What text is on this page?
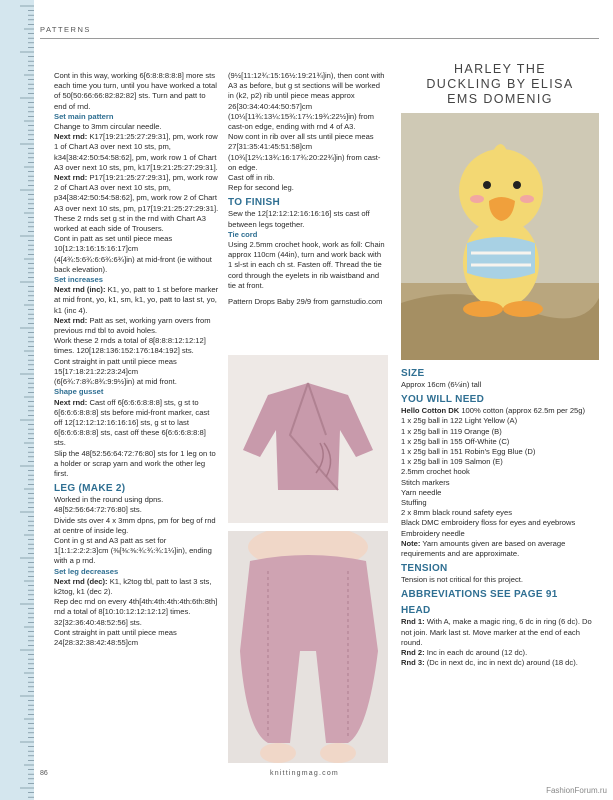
PATTERNS

Cont in this way, working 6[6:8:8:8:8:8] more sts each time you turn, until you have worked a total of 50[50:66:66:82:82:82] sts. Turn and patt to end of rnd.

Set main pattern

Change to 3mm circular needle.

Next rnd: K17[19:21:25:27:29:31], pm, work row 1 of Chart A3 over next 10 sts, pm, k34[38:42:50:54:58:62], pm, work row 1 of Chart A3 over next 10 sts, pm, k17[19:21:25:27:29:31].

Next rnd: P17[19:21:25:27:29:31], pm, work row 2 of Chart A3 over next 10 sts, pm, p34[38:42:50:54:58:62], pm, work row 2 of Chart A3 over next 10 sts, pm, p17[19:21:25:27:29:31].

These 2 rnds set g st in the rnd with Chart A3 worked at each side of Trousers.

Cont in patt as set until piece meas 10[12:13:16:15:16:17]cm (4[4¾:5:6¾:6:6¾:6¾]in) at mid-front (ie without back elevation).

Set increases

Next rnd (inc): K1, yo, patt to 1 st before marker at mid front, yo, k1, sm, k1, yo, patt to last st, yo, k1 (inc 4).

Next rnd: Patt as set, working yarn overs from previous rnd tbl to avoid holes.

Work these 2 rnds a total of 8[8:8:8:12:12:12] times. 120[128:136:152:176:184:192] sts.

Cont straight in patt until piece meas 15[17:18:21:22:23:24]cm (6[6¾:7:8¾:8¾:9:9½]in) at mid front.

Shape gusset

Next rnd: Cast off 6[6:6:6:8:8:8] sts, g st to 6[6:6:6:8:8:8] sts before mid-front marker, cast off 12[12:12:12:16:16:16] sts, g st to last 6[6:6:6:8:8:8] sts, cast off these 6[6:6:6:8:8:8] sts.

Slip the 48[52:56:64:72:76:80] sts for 1 leg on to a holder or scrap yarn and work the other leg first.

LEG (MAKE 2)

Worked in the round using dpns. 48[52:56:64:72:76:80] sts.

Divide sts over 4 x 3mm dpns, pm for beg of rnd at centre of inside leg.

Cont in g st and A3 patt as set for 1[1:1:2:2:2:3]cm (⅜[⅜:⅜:¾:¾:¾:1¼]in), ending with a p rnd.

Set leg decreases

Next rnd (dec): K1, k2tog tbl, patt to last 3 sts, k2tog, k1 (dec 2).

Rep dec rnd on every 4th[4th:4th:4th:4th:6th:8th] rnd a total of 8[10:10:12:12:12:12] times. 32[32:36:40:48:52:56] sts.

Cont straight in patt until piece meas 24[28:32:38:42:48:55]cm

(9½[11:12¾:15:16½:19:21¾]in), then cont with A3 as before, but g st sections will be worked in (k2, p2) rib until piece meas approx 26[30:34:40:44:50:57]cm (10¼[11¾:13¼:15¾:17¼:19¾:22½]in) from cast-on edge, ending with rnd 4 of A3.

Now cont in rib over all sts until piece meas 27[31:35:41:45:51:58]cm (10¾[12¼:13¾:16:17¾:20:22¾]in) from cast-on edge.

Cast off in rib.

Rep for second leg.

TO FINISH

Sew the 12[12:12:12:16:16:16] sts cast off between legs together.

Tie cord

Using 2.5mm crochet hook, work as foll: Chain approx 110cm (44in), turn and work back with 1 sl-st in each ch st. Fasten off. Thread the tie cord through the eyelets in rib waistband and tie at front.

Pattern Drops Baby 29/9 from garnstudio.com

HARLEY THE
DUCKLING BY ELISA
EMS DOMENIG

SIZE

Approx 16cm (6¼in) tall

YOU WILL NEED

Hello Cotton DK 100% cotton (approx 62.5m per 25g)

1 x 25g ball in 122 Light Yellow (A)

1 x 25g ball in 119 Orange (B)

1 x 25g ball in 155 Off-White (C)

1 x 25g ball in 151 Robin's Egg Blue (D)

1 x 25g ball in 109 Salmon (E)

2.5mm crochet hook

Stitch markers

Yarn needle

Stuffing

2 x 8mm black round safety eyes

Black DMC embroidery floss for eyes and eyebrows

Embroidery needle

Note: Yarn amounts given are based on average requirements and are approximate.

TENSION

Tension is not critical for this project.

ABBREVIATIONS SEE PAGE 91

HEAD

Rnd 1: With A, make a magic ring, 6 dc in ring (6 dc). Do not join. Mark last st. Move marker at the end of each round.

Rnd 2: Inc in each dc around (12 dc).

Rnd 3: (Dc in next dc, inc in next dc) around (18 dc).

86	knittingmag.com
FashionForum.ru
